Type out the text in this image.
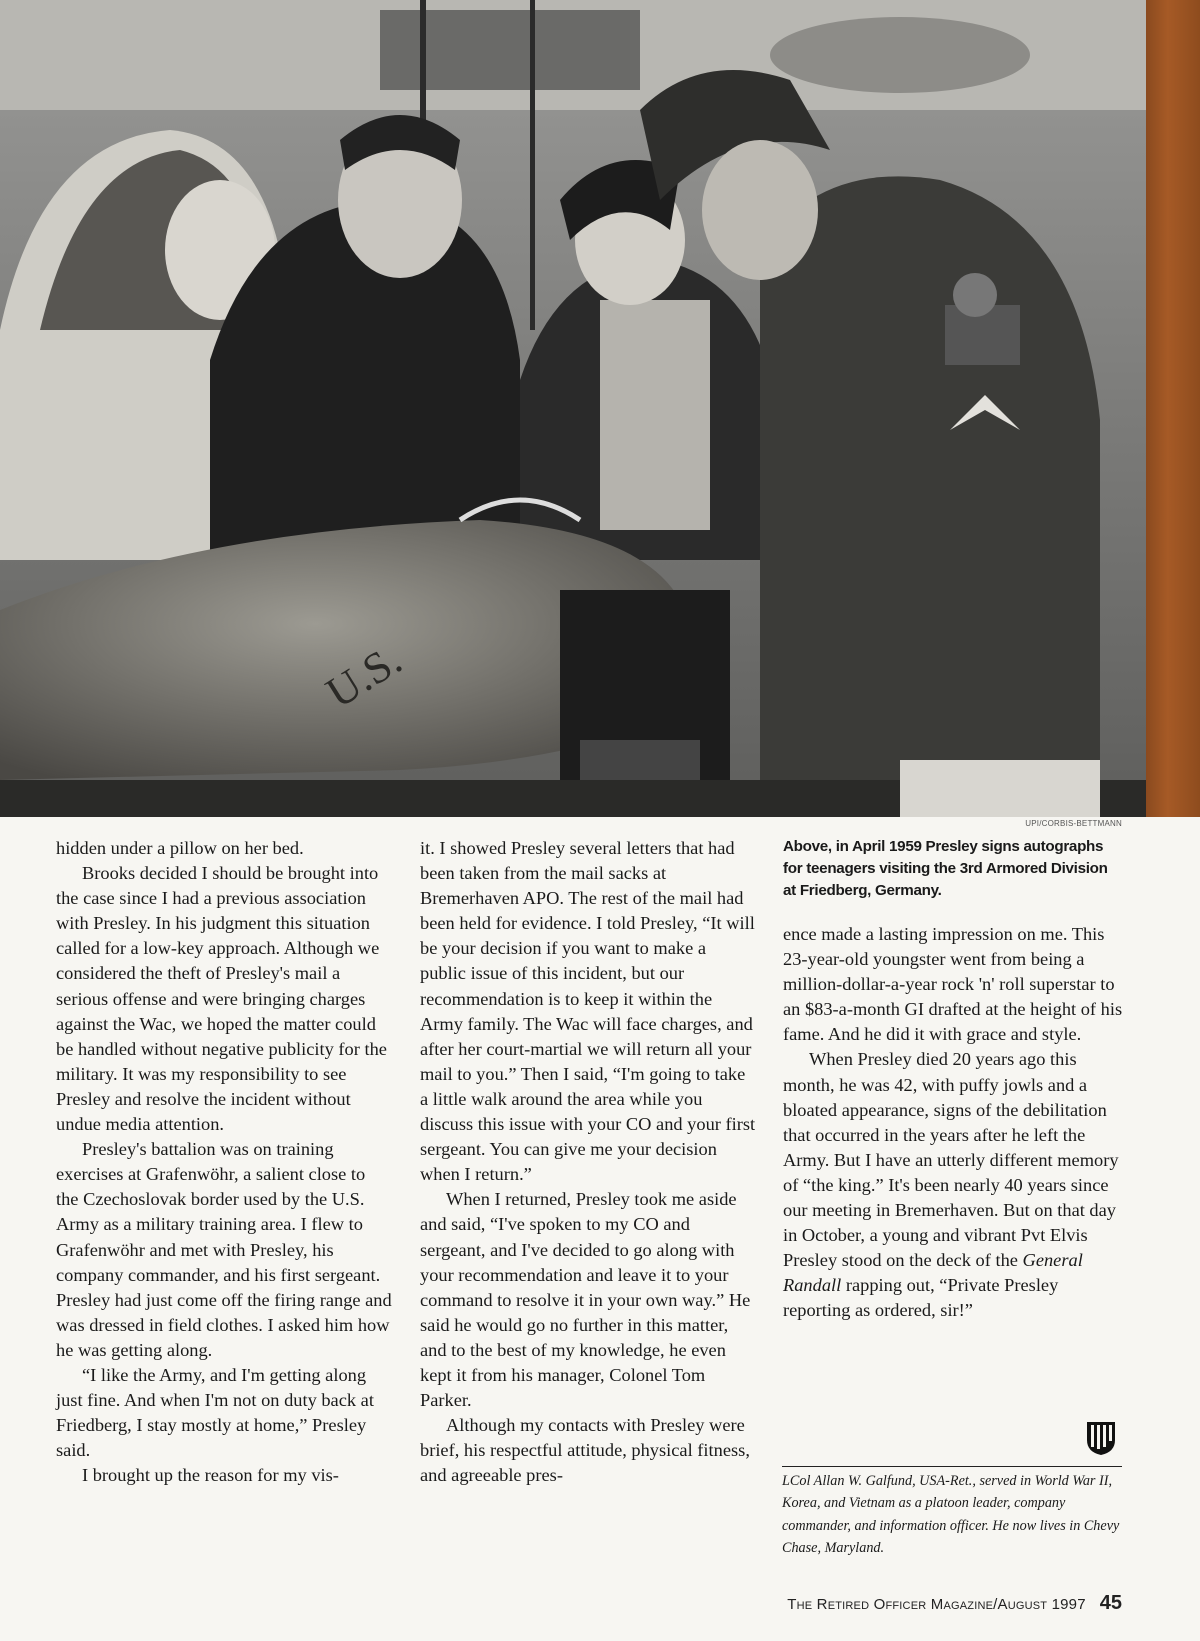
U.S.
UPI/CORBIS-BETTMANN

hidden under a pillow on her bed.

Brooks decided I should be brought into the case since I had a previous association with Presley. In his judgment this situation called for a low-key approach. Although we considered the theft of Presley's mail a serious offense and were bringing charges against the Wac, we hoped the matter could be handled without negative publicity for the military. It was my responsibility to see Presley and resolve the incident without undue media attention.

Presley's battalion was on training exercises at Grafenwöhr, a salient close to the Czechoslovak border used by the U.S. Army as a military training area. I flew to Grafenwöhr and met with Presley, his company commander, and his first sergeant. Presley had just come off the firing range and was dressed in field clothes. I asked him how he was getting along.

“I like the Army, and I'm getting along just fine. And when I'm not on duty back at Friedberg, I stay mostly at home,” Presley said.

I brought up the reason for my vis-

it. I showed Presley several letters that had been taken from the mail sacks at Bremerhaven APO. The rest of the mail had been held for evidence. I told Presley, “It will be your decision if you want to make a public issue of this incident, but our recommendation is to keep it within the Army family. The Wac will face charges, and after her court-martial we will return all your mail to you.” Then I said, “I'm going to take a little walk around the area while you discuss this issue with your CO and your first sergeant. You can give me your decision when I return.”

When I returned, Presley took me aside and said, “I've spoken to my CO and sergeant, and I've decided to go along with your recommendation and leave it to your command to resolve it in your own way.” He said he would go no further in this matter, and to the best of my knowledge, he even kept it from his manager, Colonel Tom Parker.

Although my contacts with Presley were brief, his respectful attitude, physical fitness, and agreeable pres-

Above, in April 1959 Presley signs autographs for teenagers visiting the 3rd Armored Division at Friedberg, Germany.

ence made a lasting impression on me. This 23-year-old youngster went from being a million-dollar-a-year rock 'n' roll superstar to an $83-a-month GI drafted at the height of his fame. And he did it with grace and style.

When Presley died 20 years ago this month, he was 42, with puffy jowls and a bloated appearance, signs of the debilitation that occurred in the years after he left the Army. But I have an utterly different memory of “the king.” It's been nearly 40 years since our meeting in Bremerhaven. But on that day in October, a young and vibrant Pvt Elvis Presley stood on the deck of the General Randall rapping out, “Private Presley reporting as ordered, sir!”

LCol Allan W. Galfund, USA-Ret., served in World War II, Korea, and Vietnam as a platoon leader, company commander, and information officer. He now lives in Chevy Chase, Maryland.

The Retired Officer Magazine/August 1997 45
